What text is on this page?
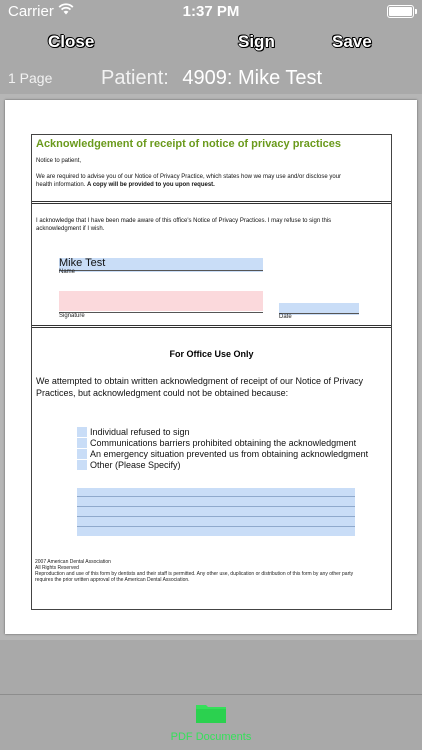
Carrier	1:37 PM
Close	Sign	Save
1 Page Patient: 4909: Mike Test
Acknowledgement of receipt of notice of privacy practices
Notice to patient,
We are required to advise you of our Notice of Privacy Practice, which states how we may use and/or disclose your
health information. A copy will be provided to you upon request.
I acknowledge that I have been made aware of this office's Notice of Privacy Practices. I may refuse to sign this
acknowledgment if I wish.
Mike Test
Name
Signature	Date
For Office Use Only
We attempted to obtain written acknowledgment of receipt of our Notice of Privacy Practices, but acknowledgment could not be obtained because:
Individual refused to sign
Communications barriers prohibited obtaining the acknowledgment
An emergency situation prevented us from obtaining acknowledgment
Other (Please Specify)
2007 American Dental Association
All Rights Reserved
Reproduction and use of this form by dentists and their staff is permitted. Any other use, duplication or distribution of this form by any other party
requires the prior written approval of the American Dental Association.
PDF Documents
